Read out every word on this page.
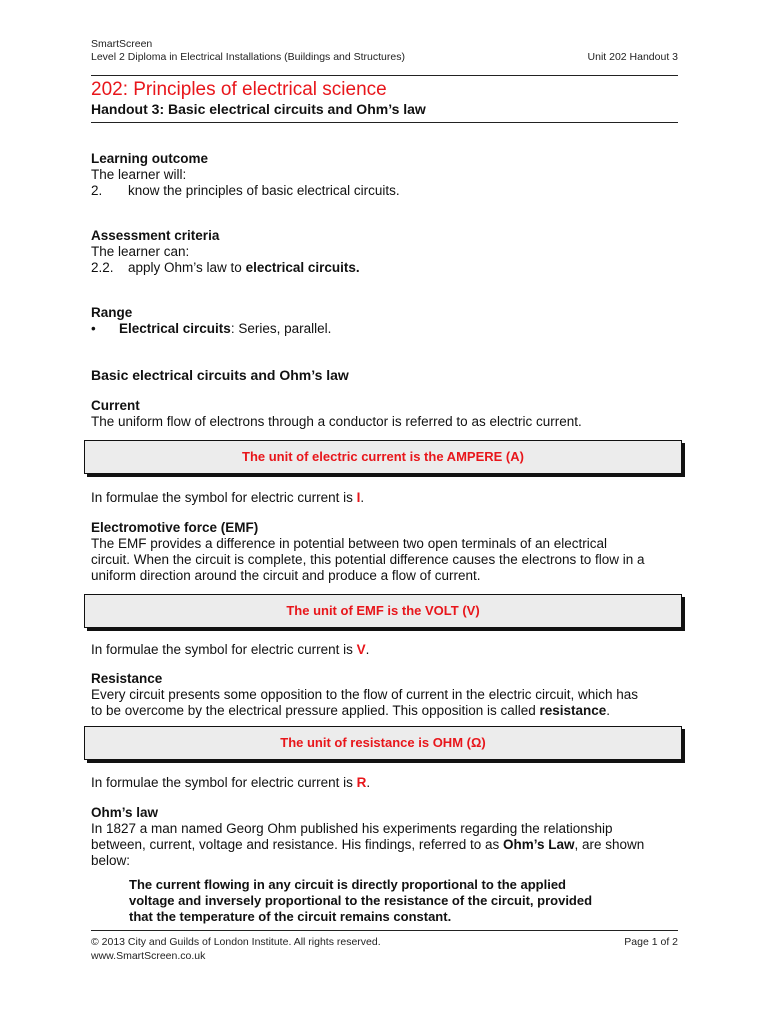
SmartScreen
Level 2 Diploma in Electrical Installations (Buildings and Structures)	Unit 202 Handout 3
202: Principles of electrical science
Handout 3: Basic electrical circuits and Ohm’s law
Learning outcome
The learner will:
2.	know the principles of basic electrical circuits.
Assessment criteria
The learner can:
2.2.	apply Ohm’s law to electrical circuits.
Range
•	Electrical circuits: Series, parallel.
Basic electrical circuits and Ohm’s law
Current
The uniform flow of electrons through a conductor is referred to as electric current.
The unit of electric current is the AMPERE (A)
In formulae the symbol for electric current is I.
Electromotive force (EMF)
The EMF provides a difference in potential between two open terminals of an electrical
circuit. When the circuit is complete, this potential difference causes the electrons to flow in a
uniform direction around the circuit and produce a flow of current.
The unit of EMF is the VOLT (V)
In formulae the symbol for electric current is V.
Resistance
Every circuit presents some opposition to the flow of current in the electric circuit, which has
to be overcome by the electrical pressure applied. This opposition is called resistance.
The unit of resistance is OHM (Ω)
In formulae the symbol for electric current is R.
Ohm’s law
In 1827 a man named Georg Ohm published his experiments regarding the relationship
between, current, voltage and resistance. His findings, referred to as Ohm’s Law, are shown
below:
The current flowing in any circuit is directly proportional to the applied
voltage and inversely proportional to the resistance of the circuit, provided
that the temperature of the circuit remains constant.
© 2013 City and Guilds of London Institute. All rights reserved.	Page 1 of 2
www.SmartScreen.co.uk
